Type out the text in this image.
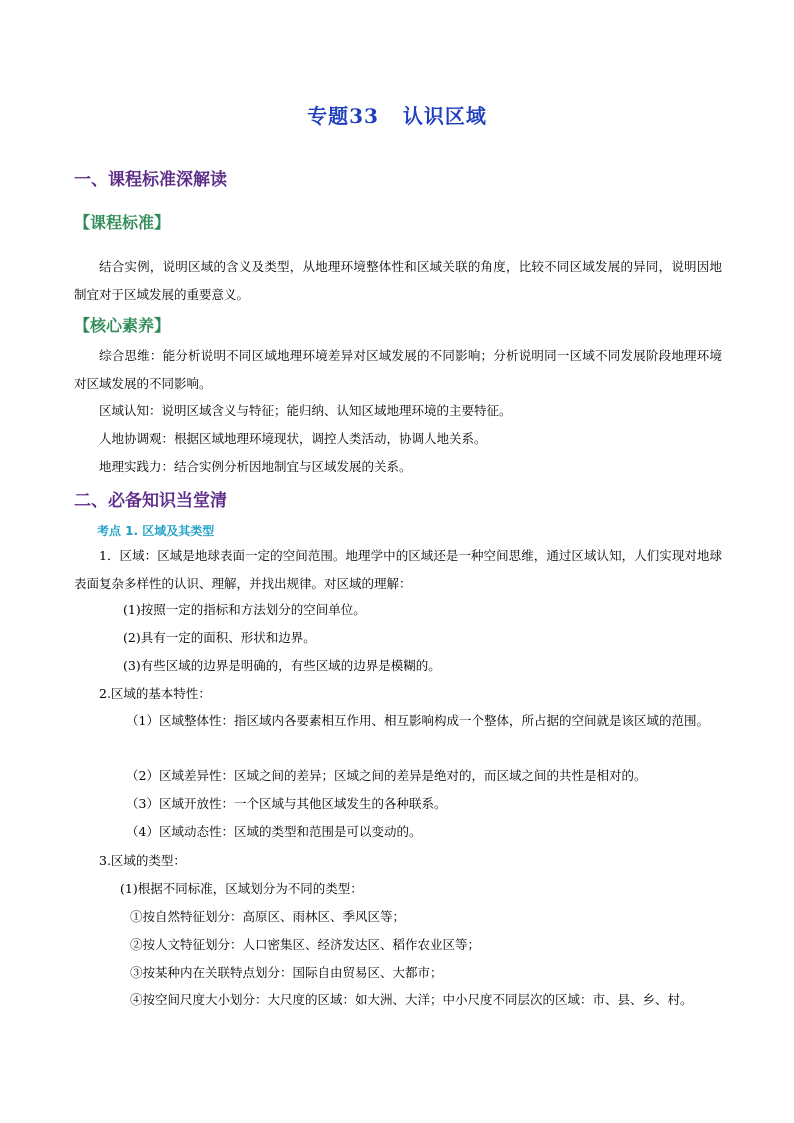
专题33 认识区域
一、课程标准深解读
【课程标准】
结合实例，说明区域的含义及类型，从地理环境整体性和区域关联的角度，比较不同区域发展的异同，说明因地制宜对于区域发展的重要意义。
【核心素养】
综合思维：能分析说明不同区域地理环境差异对区域发展的不同影响；分析说明同一区域不同发展阶段地理环境对区域发展的不同影响。
区域认知：说明区域含义与特征；能归纳、认知区域地理环境的主要特征。
人地协调观：根据区域地理环境现状，调控人类活动，协调人地关系。
地理实践力：结合实例分析因地制宜与区域发展的关系。
二、必备知识当堂清
考点 1. 区域及其类型
1．区域：区域是地球表面一定的空间范围。地理学中的区域还是一种空间思维，通过区域认知，人们实现对地球表面复杂多样性的认识、理解，并找出规律。对区域的理解：
(1)按照一定的指标和方法划分的空间单位。
(2)具有一定的面积、形状和边界。
(3)有些区域的边界是明确的，有些区域的边界是模糊的。
2.区域的基本特性：
（1）区域整体性：指区域内各要素相互作用、相互影响构成一个整体，所占据的空间就是该区域的范围。
（2）区域差异性：区域之间的差异；区域之间的差异是绝对的，而区域之间的共性是相对的。
（3）区域开放性：一个区域与其他区域发生的各种联系。
（4）区域动态性：区域的类型和范围是可以变动的。
3.区域的类型：
(1)根据不同标准，区域划分为不同的类型：
①按自然特征划分：高原区、雨林区、季风区等；
②按人文特征划分：人口密集区、经济发达区、稻作农业区等；
③按某种内在关联特点划分：国际自由贸易区、大都市；
④按空间尺度大小划分：大尺度的区域：如大洲、大洋；中小尺度不同层次的区域：市、县、乡、村。
